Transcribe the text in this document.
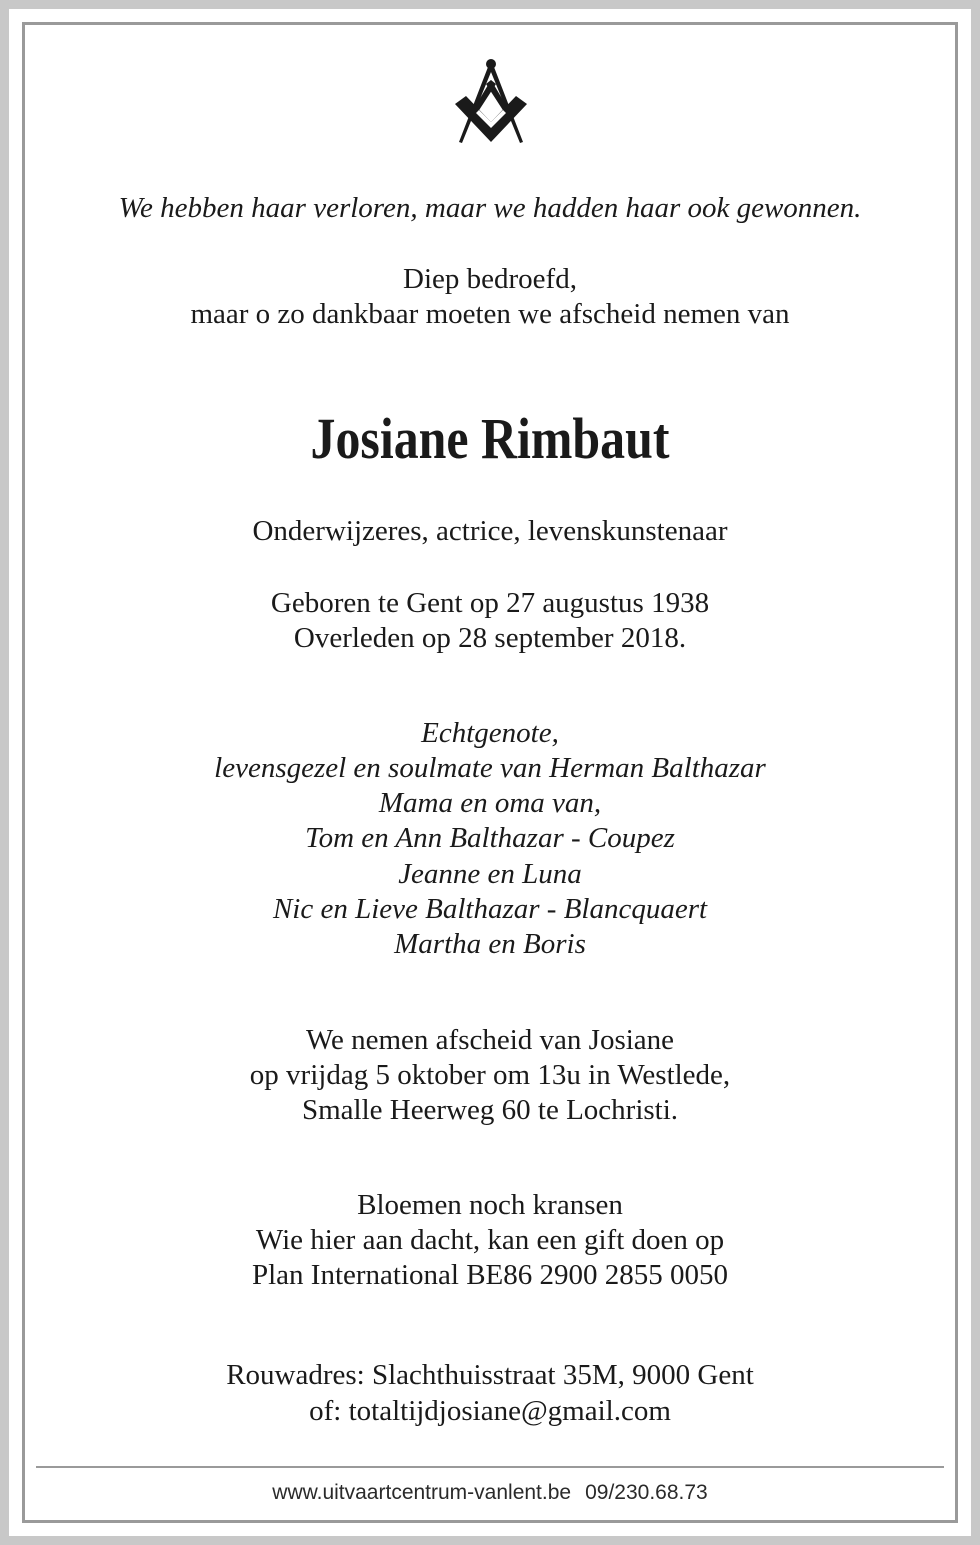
We hebben haar verloren, maar we hadden haar ook gewonnen.
Diep bedroefd,
maar o zo dankbaar moeten we afscheid nemen van
Josiane Rimbaut
Onderwijzeres, actrice, levenskunstenaar
Geboren te Gent op 27 augustus 1938
Overleden op 28 september 2018.
Echtgenote,
levensgezel en soulmate van Herman Balthazar
Mama en oma van,
Tom en Ann Balthazar - Coupez
Jeanne en Luna
Nic en Lieve Balthazar - Blancquaert
Martha en Boris
We nemen afscheid van Josiane
op vrijdag 5 oktober om 13u in Westlede,
Smalle Heerweg 60 te Lochristi.
Bloemen noch kransen
Wie hier aan dacht, kan een gift doen op
Plan International BE86 2900 2855 0050
Rouwadres: Slachthuisstraat 35M, 9000 Gent
of: totaltijdjosiane@gmail.com
www.uitvaartcentrum-vanlent.be 09/230.68.73
